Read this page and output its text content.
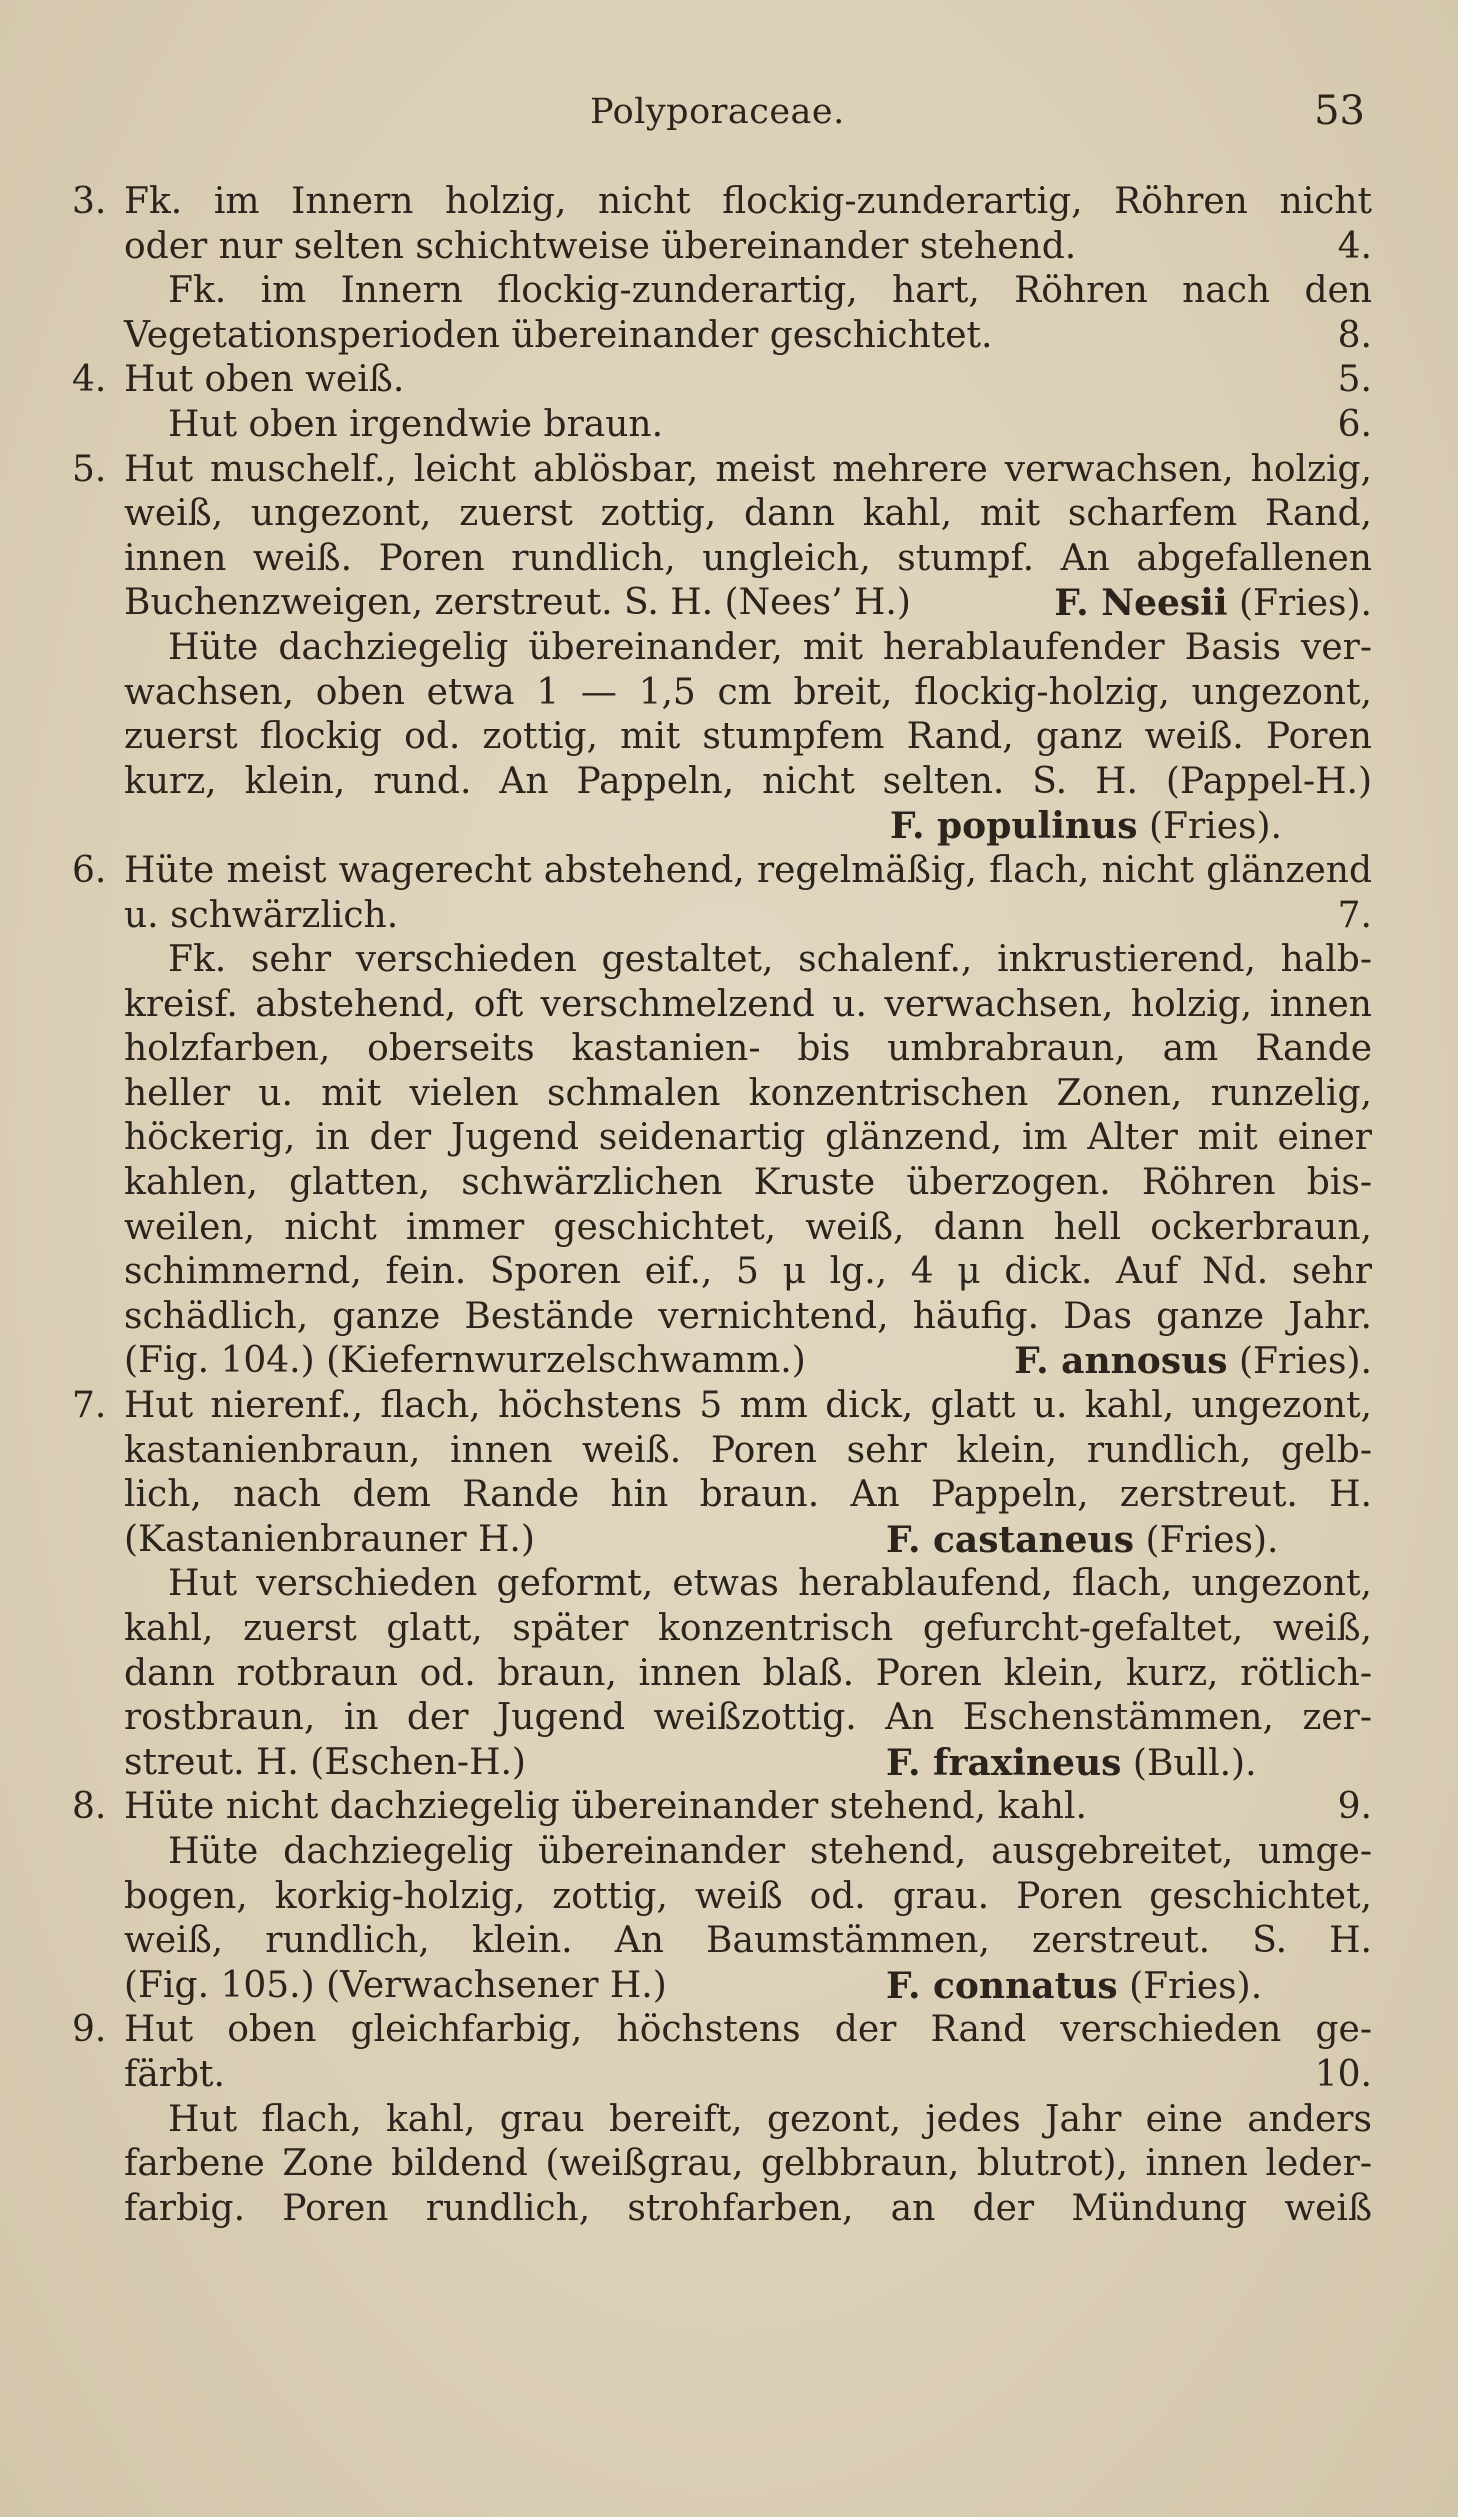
Polyporaceae.	53
3. Fk. im Innern holzig, nicht flockig-zunderartig, Röhren nicht
oder nur selten schichtweise übereinander stehend.	4.
Fk. im Innern flockig-zunderartig, hart, Röhren nach den
Vegetationsperioden übereinander geschichtet.	8.
4. Hut oben weiß.	5.
Hut oben irgendwie braun.	6.
5. Hut muschelf., leicht ablösbar, meist mehrere verwachsen, holzig,
weiß, ungezont, zuerst zottig, dann kahl, mit scharfem Rand,
innen weiß. Poren rundlich, ungleich, stumpf. An abgefallenen
Buchenzweigen, zerstreut. S. H. (Nees’ H.)	F. Neesii (Fries).
Hüte dachziegelig übereinander, mit herablaufender Basis ver-
wachsen, oben etwa 1 — 1,5 cm breit, flockig-holzig, ungezont,
zuerst flockig od. zottig, mit stumpfem Rand, ganz weiß. Poren
kurz, klein, rund. An Pappeln, nicht selten. S. H. (Pappel-H.)
F. populinus (Fries).
6. Hüte meist wagerecht abstehend, regelmäßig, flach, nicht glänzend
u. schwärzlich.	7.
Fk. sehr verschieden gestaltet, schalenf., inkrustierend, halb-
kreisf. abstehend, oft verschmelzend u. verwachsen, holzig, innen
holzfarben, oberseits kastanien- bis umbrabraun, am Rande
heller u. mit vielen schmalen konzentrischen Zonen, runzelig,
höckerig, in der Jugend seidenartig glänzend, im Alter mit einer
kahlen, glatten, schwärzlichen Kruste überzogen. Röhren bis-
weilen, nicht immer geschichtet, weiß, dann hell ockerbraun,
schimmernd, fein. Sporen eif., 5 μ lg., 4 μ dick. Auf Nd. sehr
schädlich, ganze Bestände vernichtend, häufig. Das ganze Jahr.
(Fig. 104.) (Kiefernwurzelschwamm.)	F. annosus (Fries).
7. Hut nierenf., flach, höchstens 5 mm dick, glatt u. kahl, ungezont,
kastanienbraun, innen weiß. Poren sehr klein, rundlich, gelb-
lich, nach dem Rande hin braun. An Pappeln, zerstreut. H.
(Kastanienbrauner H.)	F. castaneus (Fries).
Hut verschieden geformt, etwas herablaufend, flach, ungezont,
kahl, zuerst glatt, später konzentrisch gefurcht-gefaltet, weiß,
dann rotbraun od. braun, innen blaß. Poren klein, kurz, rötlich-
rostbraun, in der Jugend weißzottig. An Eschenstämmen, zer-
streut. H. (Eschen-H.)	F. fraxineus (Bull.).
8. Hüte nicht dachziegelig übereinander stehend, kahl.	9.
Hüte dachziegelig übereinander stehend, ausgebreitet, umge-
bogen, korkig-holzig, zottig, weiß od. grau. Poren geschichtet,
weiß, rundlich, klein. An Baumstämmen, zerstreut. S. H.
(Fig. 105.) (Verwachsener H.)	F. connatus (Fries).
9. Hut oben gleichfarbig, höchstens der Rand verschieden ge-
färbt.	10.
Hut flach, kahl, grau bereift, gezont, jedes Jahr eine anders
farbene Zone bildend (weißgrau, gelbbraun, blutrot), innen leder-
farbig. Poren rundlich, strohfarben, an der Mündung weiß
